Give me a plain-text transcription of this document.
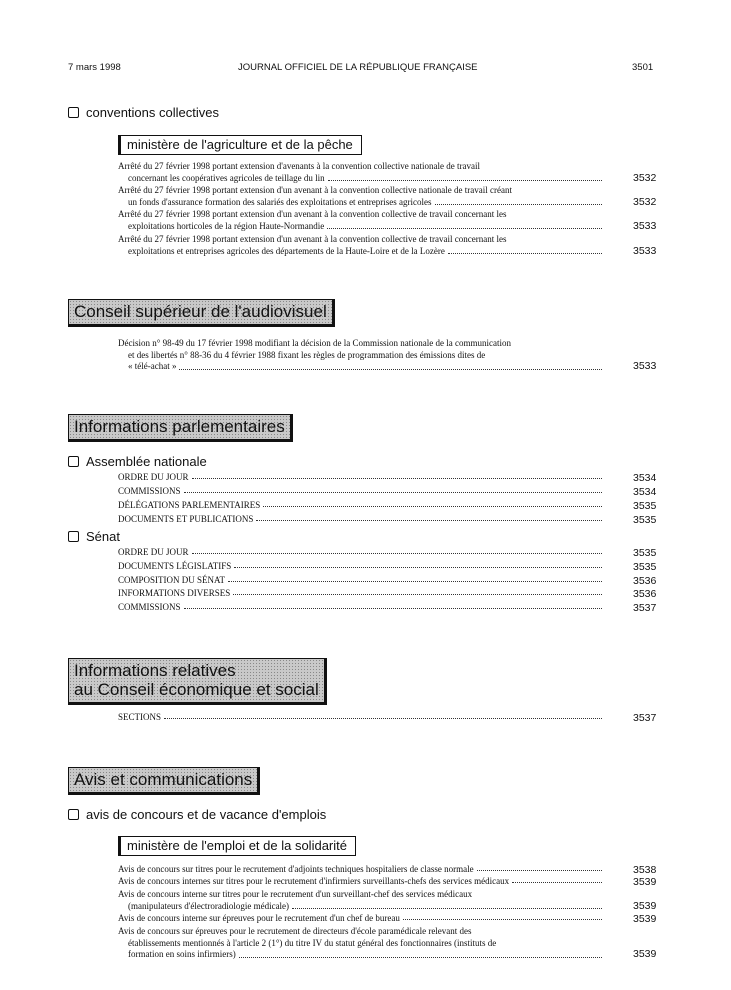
7 mars 1998	JOURNAL OFFICIEL DE LA RÉPUBLIQUE FRANÇAISE	3501
conventions collectives
ministère de l'agriculture et de la pêche
Arrêté du 27 février 1998 portant extension d'avenants à la convention collective nationale de travail
concernant les coopératives agricoles de teillage du lin	3532
Arrêté du 27 février 1998 portant extension d'un avenant à la convention collective nationale de travail créant
un fonds d'assurance formation des salariés des exploitations et entreprises agricoles	3532
Arrêté du 27 février 1998 portant extension d'un avenant à la convention collective de travail concernant les
exploitations horticoles de la région Haute-Normandie	3533
Arrêté du 27 février 1998 portant extension d'un avenant à la convention collective de travail concernant les
exploitations et entreprises agricoles des départements de la Haute-Loire et de la Lozère	3533
Conseil supérieur de l'audiovisuel
Décision n° 98-49 du 17 février 1998 modifiant la décision de la Commission nationale de la communication
et des libertés n° 88-36 du 4 février 1988 fixant les règles de programmation des émissions dites de
« télé-achat »	3533
Informations parlementaires
Assemblée nationale
ORDRE DU JOUR	3534
COMMISSIONS	3534
DÉLÉGATIONS PARLEMENTAIRES	3535
DOCUMENTS ET PUBLICATIONS	3535
Sénat
ORDRE DU JOUR	3535
DOCUMENTS LÉGISLATIFS	3535
COMPOSITION DU SÉNAT	3536
INFORMATIONS DIVERSES	3536
COMMISSIONS	3537
Informations relatives
au Conseil économique et social
SECTIONS	3537
Avis et communications
avis de concours et de vacance d'emplois
ministère de l'emploi et de la solidarité
Avis de concours sur titres pour le recrutement d'adjoints techniques hospitaliers de classe normale	3538
Avis de concours internes sur titres pour le recrutement d'infirmiers surveillants-chefs des services médicaux	3539
Avis de concours interne sur titres pour le recrutement d'un surveillant-chef des services médicaux
(manipulateurs d'électroradiologie médicale)	3539
Avis de concours interne sur épreuves pour le recrutement d'un chef de bureau	3539
Avis de concours sur épreuves pour le recrutement de directeurs d'école paramédicale relevant des
établissements mentionnés à l'article 2 (1°) du titre IV du statut général des fonctionnaires (instituts de
formation en soins infirmiers)	3539
